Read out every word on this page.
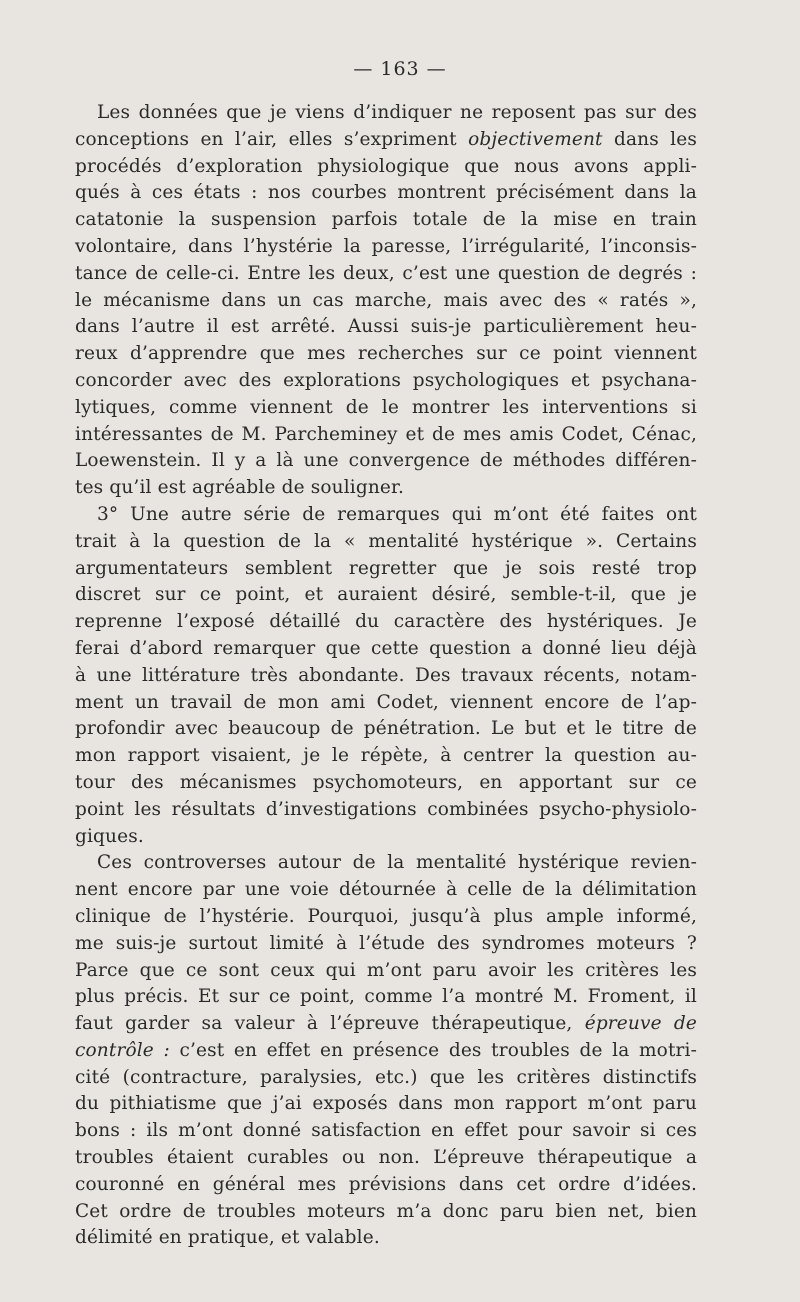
— 163 —
Les données que je viens d’indiquer ne reposent pas sur des
conceptions en l’air, elles s’expriment objectivement dans les
procédés d’exploration physiologique que nous avons appli-
qués à ces états : nos courbes montrent précisément dans la
catatonie la suspension parfois totale de la mise en train
volontaire, dans l’hystérie la paresse, l’irrégularité, l’inconsis-
tance de celle-ci. Entre les deux, c’est une question de degrés :
le mécanisme dans un cas marche, mais avec des « ratés »,
dans l’autre il est arrêté. Aussi suis-je particulièrement heu-
reux d’apprendre que mes recherches sur ce point viennent
concorder avec des explorations psychologiques et psychana-
lytiques, comme viennent de le montrer les interventions si
intéressantes de M. Parcheminey et de mes amis Codet, Cénac,
Loewenstein. Il y a là une convergence de méthodes différen-
tes qu’il est agréable de souligner.
3° Une autre série de remarques qui m’ont été faites ont
trait à la question de la « mentalité hystérique ». Certains
argumentateurs semblent regretter que je sois resté trop
discret sur ce point, et auraient désiré, semble-t-il, que je
reprenne l’exposé détaillé du caractère des hystériques. Je
ferai d’abord remarquer que cette question a donné lieu déjà
à une littérature très abondante. Des travaux récents, notam-
ment un travail de mon ami Codet, viennent encore de l’ap-
profondir avec beaucoup de pénétration. Le but et le titre de
mon rapport visaient, je le répète, à centrer la question au-
tour des mécanismes psychomoteurs, en apportant sur ce
point les résultats d’investigations combinées psycho-physiolo-
giques.
Ces controverses autour de la mentalité hystérique revien-
nent encore par une voie détournée à celle de la délimitation
clinique de l’hystérie. Pourquoi, jusqu’à plus ample informé,
me suis-je surtout limité à l’étude des syndromes moteurs ?
Parce que ce sont ceux qui m’ont paru avoir les critères les
plus précis. Et sur ce point, comme l’a montré M. Froment, il
faut garder sa valeur à l’épreuve thérapeutique, épreuve de
contrôle : c’est en effet en présence des troubles de la motri-
cité (contracture, paralysies, etc.) que les critères distinctifs
du pithiatisme que j’ai exposés dans mon rapport m’ont paru
bons : ils m’ont donné satisfaction en effet pour savoir si ces
troubles étaient curables ou non. L’épreuve thérapeutique a
couronné en général mes prévisions dans cet ordre d’idées.
Cet ordre de troubles moteurs m’a donc paru bien net, bien
délimité en pratique, et valable.
